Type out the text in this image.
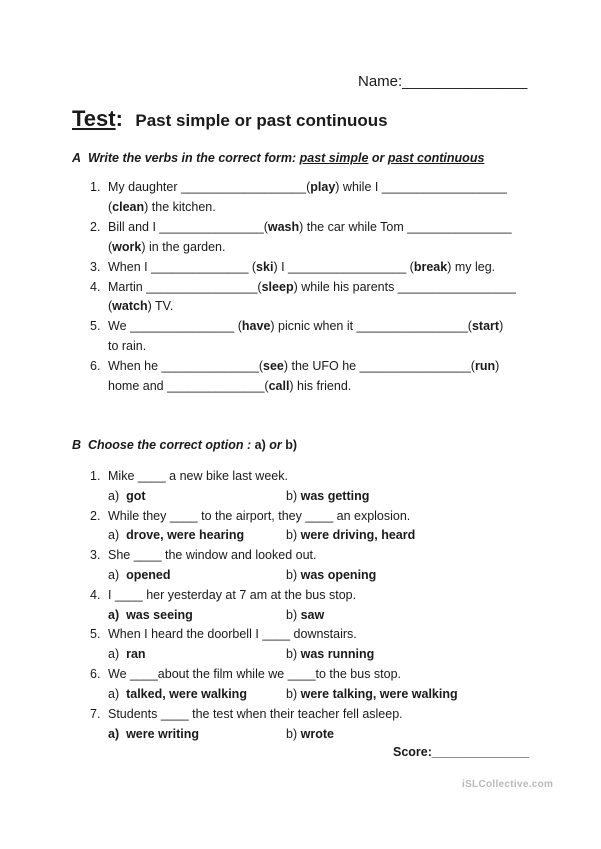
Name:_______________
Test: Past simple or past continuous
A Write the verbs in the correct form: past simple or past continuous
1. My daughter __________________(play) while I __________________
(clean) the kitchen.
2. Bill and I _______________(wash) the car while Tom _______________
(work) in the garden.
3. When I ______________ (ski) I _________________ (break) my leg.
4. Martin ________________(sleep) while his parents _________________
(watch) TV.
5. We _______________ (have) picnic when it ________________(start)
to rain.
6. When he ______________(see) the UFO he ________________(run)
home and ______________(call) his friend.
B Choose the correct option : a) or b)
1. Mike ____ a new bike last week.
a) got	b) was getting
2. While they ____ to the airport, they ____ an explosion.
a) drove, were hearing	b) were driving, heard
3. She ____ the window and looked out.
a) opened	b) was opening
4. I ____ her yesterday at 7 am at the bus stop.
a) was seeing	b) saw
5. When I heard the doorbell I ____ downstairs.
a) ran	b) was running
6. We ____about the film while we ____to the bus stop.
a) talked, were walking	b) were talking, were walking
7. Students ____ the test when their teacher fell asleep.
a) were writing	b) wrote
Score:______________
iSLCollective.com
